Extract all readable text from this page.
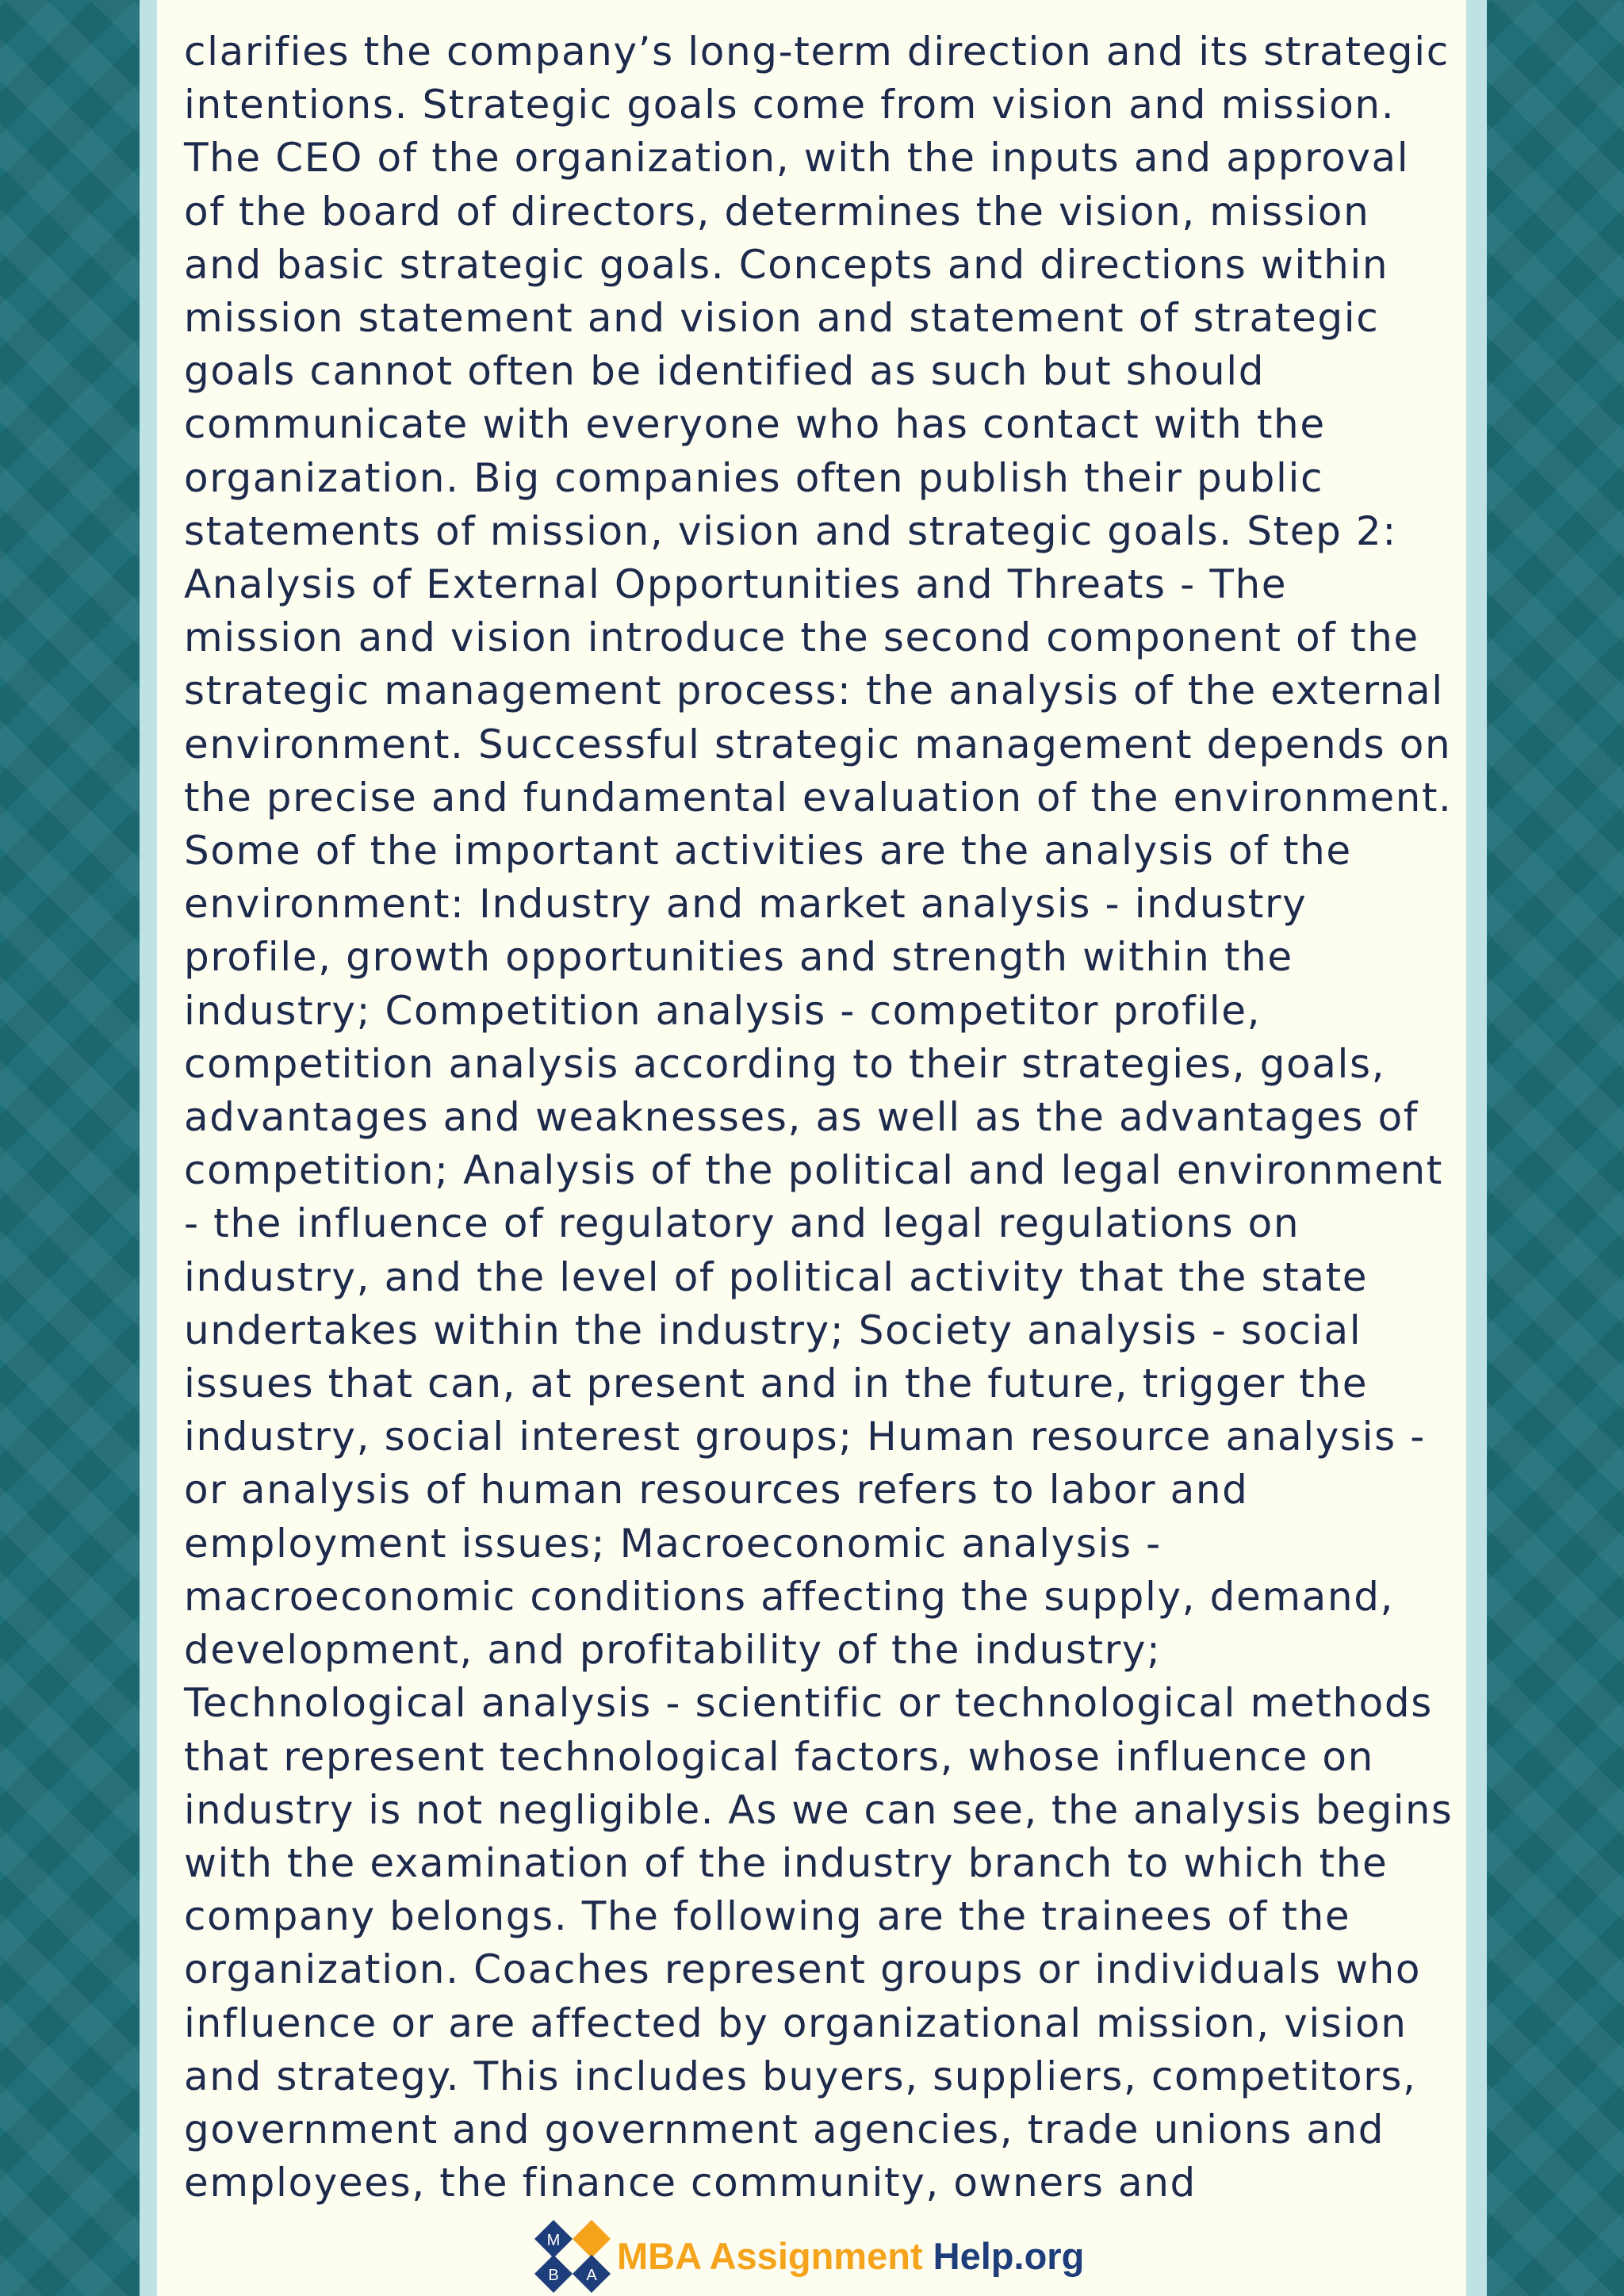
clarifies the company’s long-term direction and its strategic
intentions. Strategic goals come from vision and mission.
The CEO of the organization, with the inputs and approval
of the board of directors, determines the vision, mission
and basic strategic goals. Concepts and directions within
mission statement and vision and statement of strategic
goals cannot often be identified as such but should
communicate with everyone who has contact with the
organization. Big companies often publish their public
statements of mission, vision and strategic goals. Step 2:
Analysis of External Opportunities and Threats - The
mission and vision introduce the second component of the
strategic management process: the analysis of the external
environment. Successful strategic management depends on
the precise and fundamental evaluation of the environment.
Some of the important activities are the analysis of the
environment: Industry and market analysis - industry
profile, growth opportunities and strength within the
industry; Competition analysis - competitor profile,
competition analysis according to their strategies, goals,
advantages and weaknesses, as well as the advantages of
competition; Analysis of the political and legal environment
- the influence of regulatory and legal regulations on
industry, and the level of political activity that the state
undertakes within the industry; Society analysis - social
issues that can, at present and in the future, trigger the
industry, social interest groups; Human resource analysis -
or analysis of human resources refers to labor and
employment issues; Macroeconomic analysis -
macroeconomic conditions affecting the supply, demand,
development, and profitability of the industry;
Technological analysis - scientific or technological methods
that represent technological factors, whose influence on
industry is not negligible. As we can see, the analysis begins
with the examination of the industry branch to which the
company belongs. The following are the trainees of the
organization. Coaches represent groups or individuals who
influence or are affected by organizational mission, vision
and strategy. This includes buyers, suppliers, competitors,
government and government agencies, trade unions and
employees, the finance community, owners and
M
B A MBA Assignment Help.org
